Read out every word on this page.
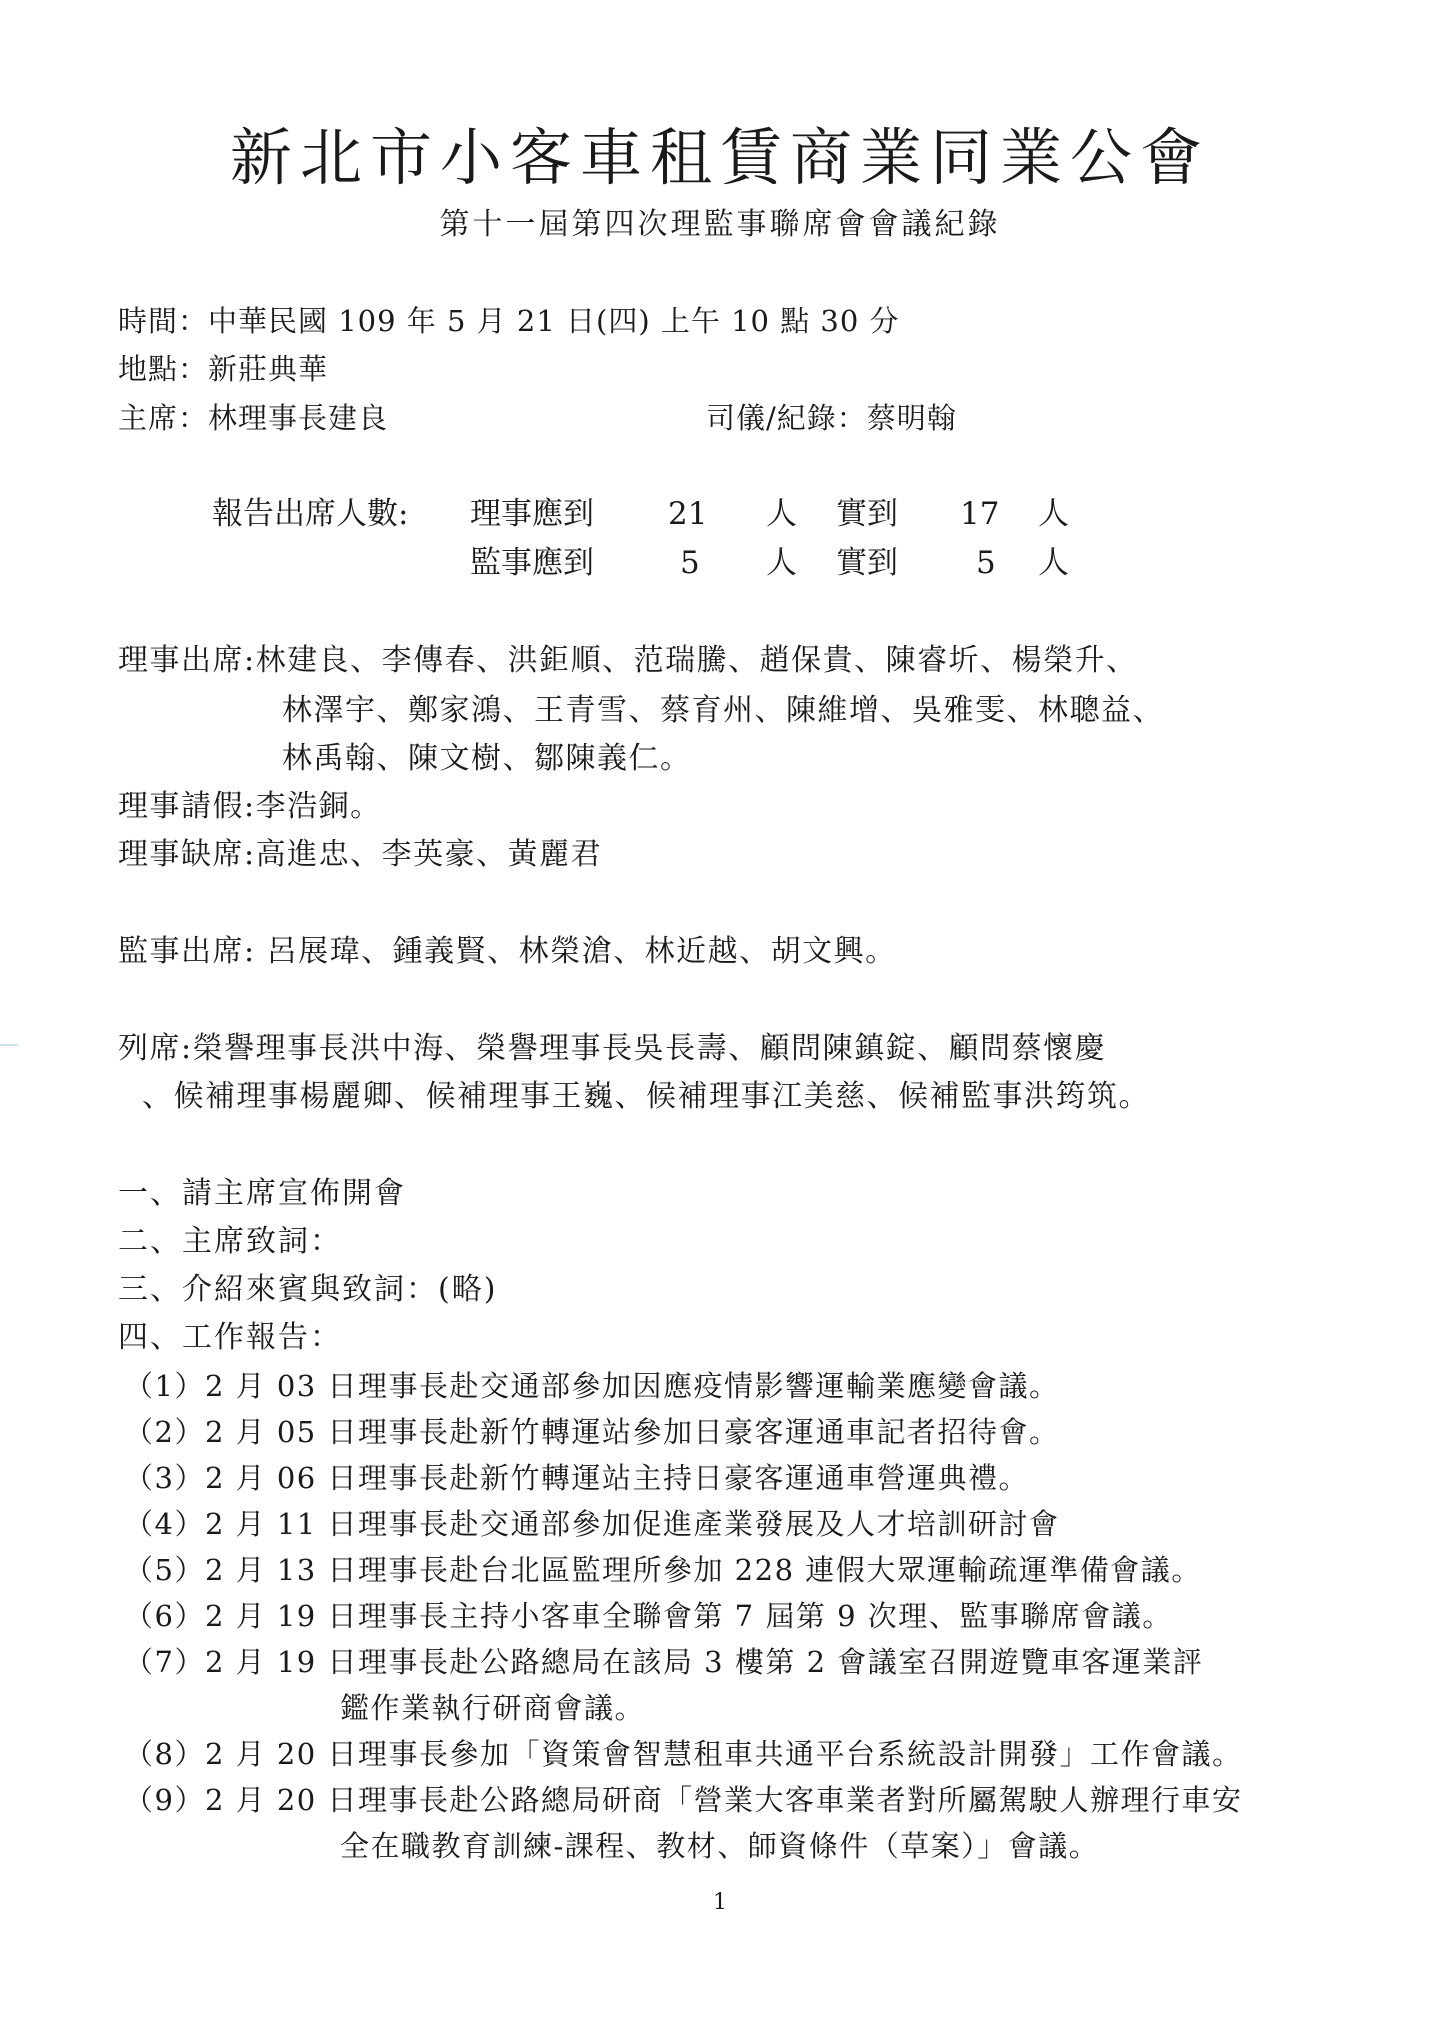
新北市小客車租賃商業同業公會
第十一屆第四次理監事聯席會會議紀錄
時間：中華民國 109 年 5 月 21 日(四) 上午 10 點 30 分
地點：新莊典華
主席：林理事長建良	司儀/紀錄：蔡明翰
報告出席人數: 理事應到 21 人 實到 17 人
監事應到	5 人 實到	5 人
理事出席:林建良、李傳春、洪鉅順、范瑞騰、趙保貴、陳睿圻、楊榮升、
林澤宇、鄭家鴻、王青雪、蔡育州、陳維增、吳雅雯、林聰益、
林禹翰、陳文樹、鄒陳義仁。
理事請假:李浩銅。
理事缺席:高進忠、李英豪、黃麗君
監事出席: 呂展瑋、鍾義賢、林榮滄、林近越、胡文興。
列席:榮譽理事長洪中海、榮譽理事長吳長壽、顧問陳鎮錠、顧問蔡懷慶
、候補理事楊麗卿、候補理事王巍、候補理事江美慈、候補監事洪筠筑。
一、請主席宣佈開會
二、主席致詞：
三、介紹來賓與致詞：(略)
四、工作報告：
（1）2 月 03 日理事長赴交通部參加因應疫情影響運輸業應變會議。
（2）2 月 05 日理事長赴新竹轉運站參加日豪客運通車記者招待會。
（3）2 月 06 日理事長赴新竹轉運站主持日豪客運通車營運典禮。
（4）2 月 11 日理事長赴交通部參加促進產業發展及人才培訓研討會
（5）2 月 13 日理事長赴台北區監理所參加 228 連假大眾運輸疏運準備會議。
（6）2 月 19 日理事長主持小客車全聯會第 7 屆第 9 次理、監事聯席會議。
（7）2 月 19 日理事長赴公路總局在該局 3 樓第 2 會議室召開遊覽車客運業評
鑑作業執行研商會議。
（8）2 月 20 日理事長參加「資策會智慧租車共通平台系統設計開發」工作會議。
（9）2 月 20 日理事長赴公路總局研商「營業大客車業者對所屬駕駛人辦理行車安
全在職教育訓練-課程、教材、師資條件（草案）」會議。
1
